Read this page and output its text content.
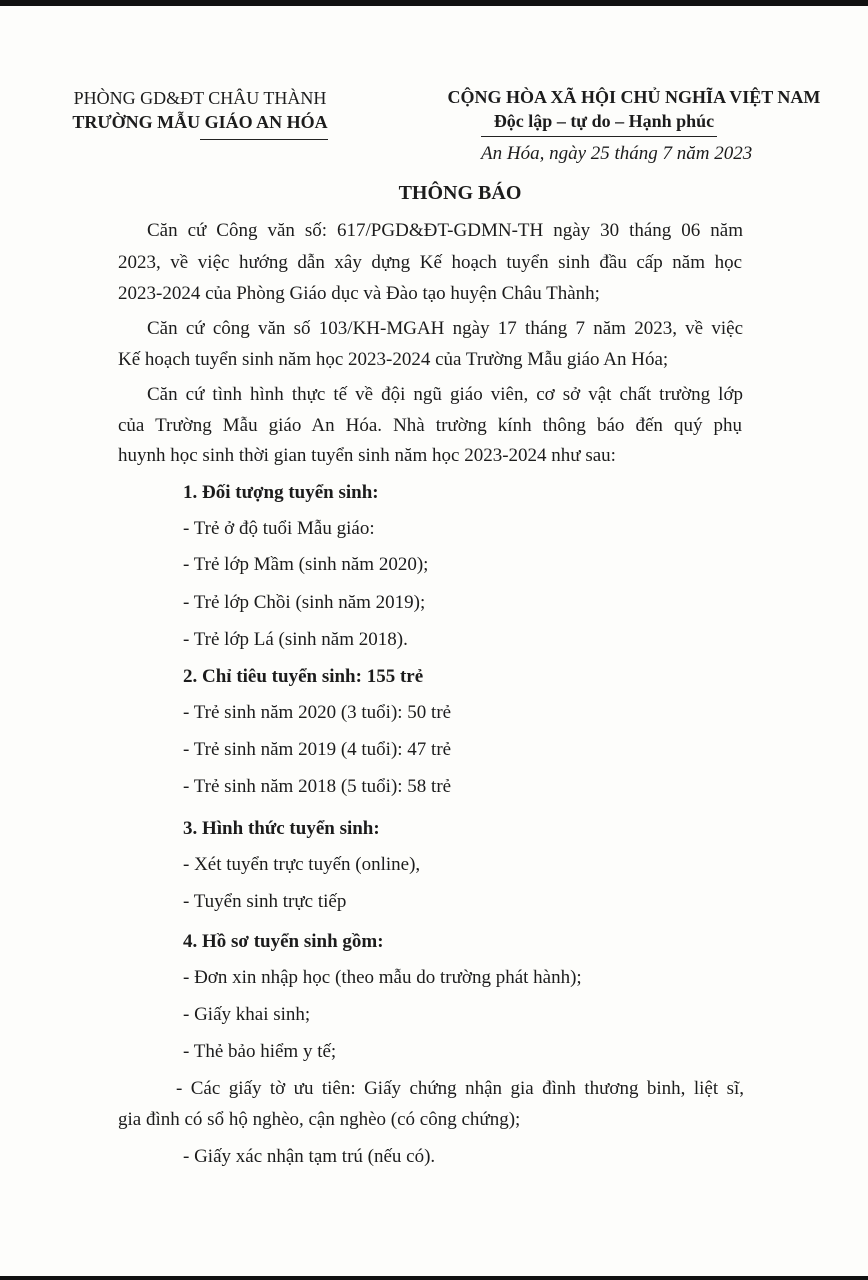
PHÒNG GD&ĐT CHÂU THÀNH
TRƯỜNG MẪU GIÁO AN HÓA
CỘNG HÒA XÃ HỘI CHỦ NGHĨA VIỆT NAM
Độc lập – tự do – Hạnh phúc
An Hóa, ngày 25 tháng 7 năm 2023
THÔNG BÁO
Căn cứ Công văn số: 617/PGD&ĐT-GDMN-TH ngày 30 tháng 06 năm
2023, về việc hướng dẫn xây dựng Kế hoạch tuyển sinh đầu cấp năm học
2023-2024 của Phòng Giáo dục và Đào tạo huyện Châu Thành;
Căn cứ công văn số 103/KH-MGAH ngày 17 tháng 7 năm 2023, về việc
Kế hoạch tuyển sinh năm học 2023-2024 của Trường Mẫu giáo An Hóa;
Căn cứ tình hình thực tế về đội ngũ giáo viên, cơ sở vật chất trường lớp
của Trường Mẫu giáo An Hóa. Nhà trường kính thông báo đến quý phụ
huynh học sinh thời gian tuyển sinh năm học 2023-2024 như sau:
1. Đối tượng tuyển sinh:
- Trẻ ở độ tuổi Mẫu giáo:
- Trẻ lớp Mầm (sinh năm 2020);
- Trẻ lớp Chồi (sinh năm 2019);
- Trẻ lớp Lá (sinh năm 2018).
2. Chỉ tiêu tuyển sinh: 155 trẻ
- Trẻ sinh năm 2020 (3 tuổi): 50 trẻ
- Trẻ sinh năm 2019 (4 tuổi): 47 trẻ
- Trẻ sinh năm 2018 (5 tuổi): 58 trẻ
3. Hình thức tuyển sinh:
- Xét tuyển trực tuyến (online),
- Tuyển sinh trực tiếp
4. Hồ sơ tuyển sinh gồm:
- Đơn xin nhập học (theo mẫu do trường phát hành);
- Giấy khai sinh;
- Thẻ bảo hiểm y tế;
- Các giấy tờ ưu tiên: Giấy chứng nhận gia đình thương binh, liệt sĩ,
gia đình có sổ hộ nghèo, cận nghèo (có công chứng);
- Giấy xác nhận tạm trú (nếu có).
